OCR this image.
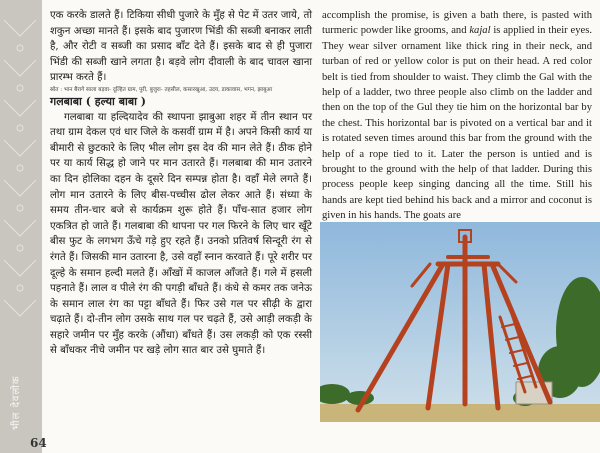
भील देवलोक
64

एक करके डालते हैं। टिकिया सीधी पुजारे के मुँह से पेट में उतर जाये, तो शकुन अच्छा मानते हैं। इसके बाद पुजारण भिंडी की सब्जी बनाकर लाती है, और रोटी व सब्जी का प्रसाद बाँट देते हैं। इसके बाद से ही पुजारा भिंडी की सब्जी खाने लगता है। बड़वे लोग दीवाली के बाद चावल खाना प्रारम्भ करते हैं।

स्रोत : भान बैरागे साला बड़वा- दूल्हित ग्राम, पुरी, बुजुरा- तहसील, कसारखुआ, उदय, डाकावास, भगन, झाबुआ

गलबाबा ( हल्या बाबा )

गलबाबा या हल्दियादेव की स्थापना झाबुआ शहर में तीन स्थान पर तथा ग्राम देकल एवं धार जिले के कसवीं ग्राम में है। अपने किसी कार्य या बीमारी से छुटकारे के लिए भील लोग इस देव की मान लेते हैं। ठीक होने पर या कार्य सिद्ध हो जाने पर मान उतारते हैं। गलबाबा की मान उतारने का दिन होलिका दहन के दूसरे दिन सम्पन्न होता है। वहाँ मेले लगते हैं। लोग मान उतारने के लिए बीस-पच्चीस ढोल लेकर आते हैं। संध्या के समय तीन-चार बजे से कार्यक्रम शुरू होते हैं। पाँच-सात हजार लोग एकत्रित हो जाते हैं। गलबाबा की थापना पर गल फिरने के लिए चार खूँटे बीस फुट के लगभग ऊँचे गड़े हुए रहते हैं। उनको प्रतिवर्ष सिन्दूरी रंग से रंगते हैं। जिसकी मान उतारना है, उसे वहाँ स्नान करवाते हैं। पूरे शरीर पर दूल्हे के समान हल्दी मलते हैं। आँखों में काजल आँजते हैं। गले में हसली पहनाते हैं। लाल व पीले रंग की पगड़ी बाँधते हैं। कंधे से कमर तक जनेऊ के समान लाल रंग का पट्टा बाँधते हैं। फिर उसे गल पर सीढ़ी के द्वारा चढ़ाते हैं। दो-तीन लोग उसके साथ गल पर चढ़ते हैं, उसे आड़ी लकड़ी के सहारे जमीन पर मुँह करके (औंधा) बाँधते हैं। उस लकड़ी को एक रस्सी से बाँधकर नीचे जमीन पर खड़े लोग सात बार उसे घुमाते हैं।

accomplish the promise, is given a bath there, is pasted with turmeric powder like grooms, and kajal is applied in their eyes. They wear silver ornament like thick ring in their neck, and turban of red or yellow color is put on their head. A red color belt is tied from shoulder to waist. They climb the Gal with the help of a ladder, two three people also climb on the ladder and then on the top of the Gul they tie him on the horizontal bar by the chest. This horizontal bar is pivoted on a vertical bar and it is rotated seven times around this bar from the ground with the help of a rope tied to it. Later the person is untied and is brought to the ground with the help of that ladder. During this process people keep singing dancing all the time. Still his hands are kept tied behind his back and a mirror and coconut is given in his hands. The goats are
